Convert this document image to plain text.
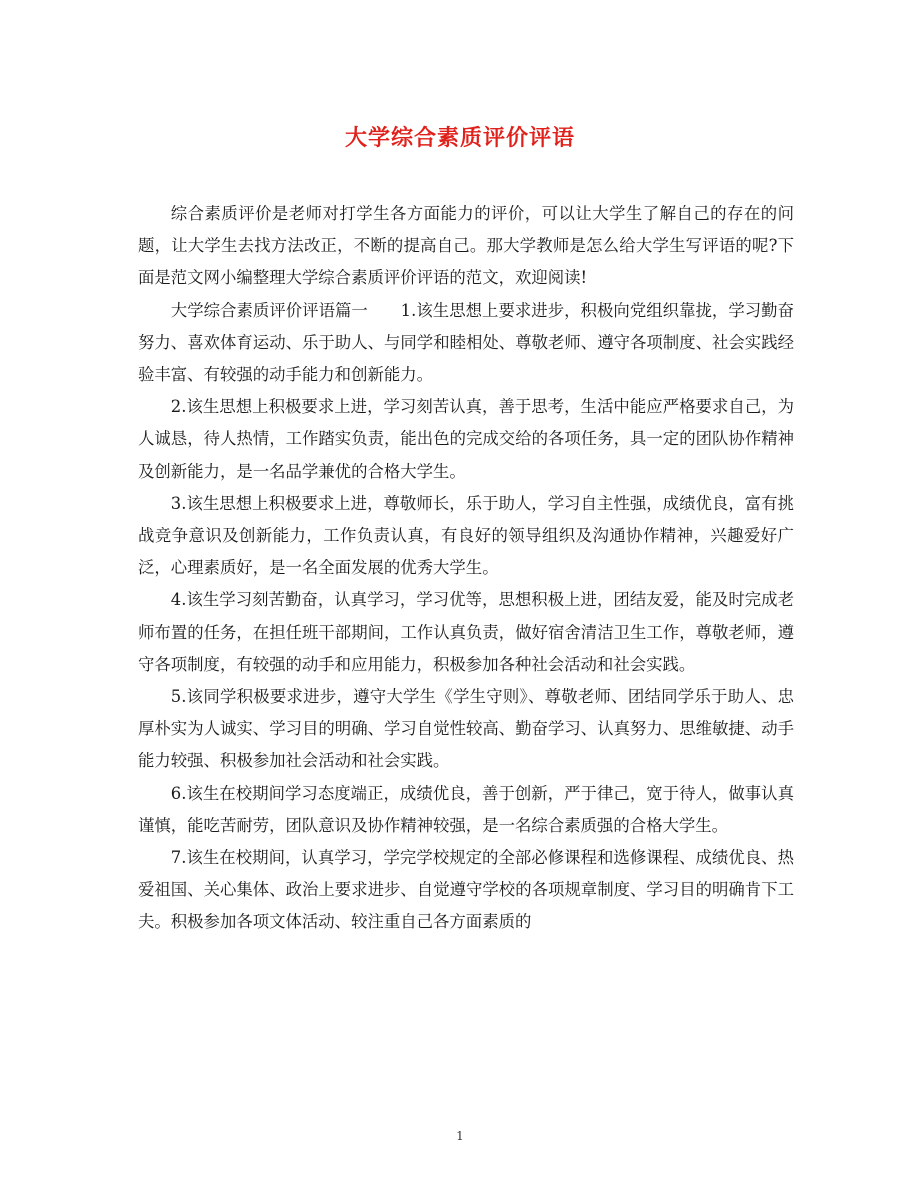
大学综合素质评价评语

综合素质评价是老师对打学生各方面能力的评价，可以让大学生了解自己的存在的问题，让大学生去找方法改正，不断的提高自己。那大学教师是怎么给大学生写评语的呢?下面是范文网小编整理大学综合素质评价评语的范文，欢迎阅读!

大学综合素质评价评语篇一　　1.该生思想上要求进步，积极向党组织靠拢，学习勤奋努力、喜欢体育运动、乐于助人、与同学和睦相处、尊敬老师、遵守各项制度、社会实践经验丰富、有较强的动手能力和创新能力。

2.该生思想上积极要求上进，学习刻苦认真，善于思考，生活中能应严格要求自己，为人诚恳，待人热情，工作踏实负责，能出色的完成交给的各项任务，具一定的团队协作精神及创新能力，是一名品学兼优的合格大学生。

3.该生思想上积极要求上进，尊敬师长，乐于助人，学习自主性强，成绩优良，富有挑战竞争意识及创新能力，工作负责认真，有良好的领导组织及沟通协作精神，兴趣爱好广泛，心理素质好，是一名全面发展的优秀大学生。

4.该生学习刻苦勤奋，认真学习，学习优等，思想积极上进，团结友爱，能及时完成老师布置的任务，在担任班干部期间，工作认真负责，做好宿舍清洁卫生工作，尊敬老师，遵守各项制度，有较强的动手和应用能力，积极参加各种社会活动和社会实践。

5.该同学积极要求进步，遵守大学生《学生守则》、尊敬老师、团结同学乐于助人、忠厚朴实为人诚实、学习目的明确、学习自觉性较高、勤奋学习、认真努力、思维敏捷、动手能力较强、积极参加社会活动和社会实践。

6.该生在校期间学习态度端正，成绩优良，善于创新，严于律己，宽于待人，做事认真谨慎，能吃苦耐劳，团队意识及协作精神较强，是一名综合素质强的合格大学生。

7.该生在校期间，认真学习，学完学校规定的全部必修课程和选修课程、成绩优良、热爱祖国、关心集体、政治上要求进步、自觉遵守学校的各项规章制度、学习目的明确肯下工夫。积极参加各项文体活动、较注重自己各方面素质的

1
